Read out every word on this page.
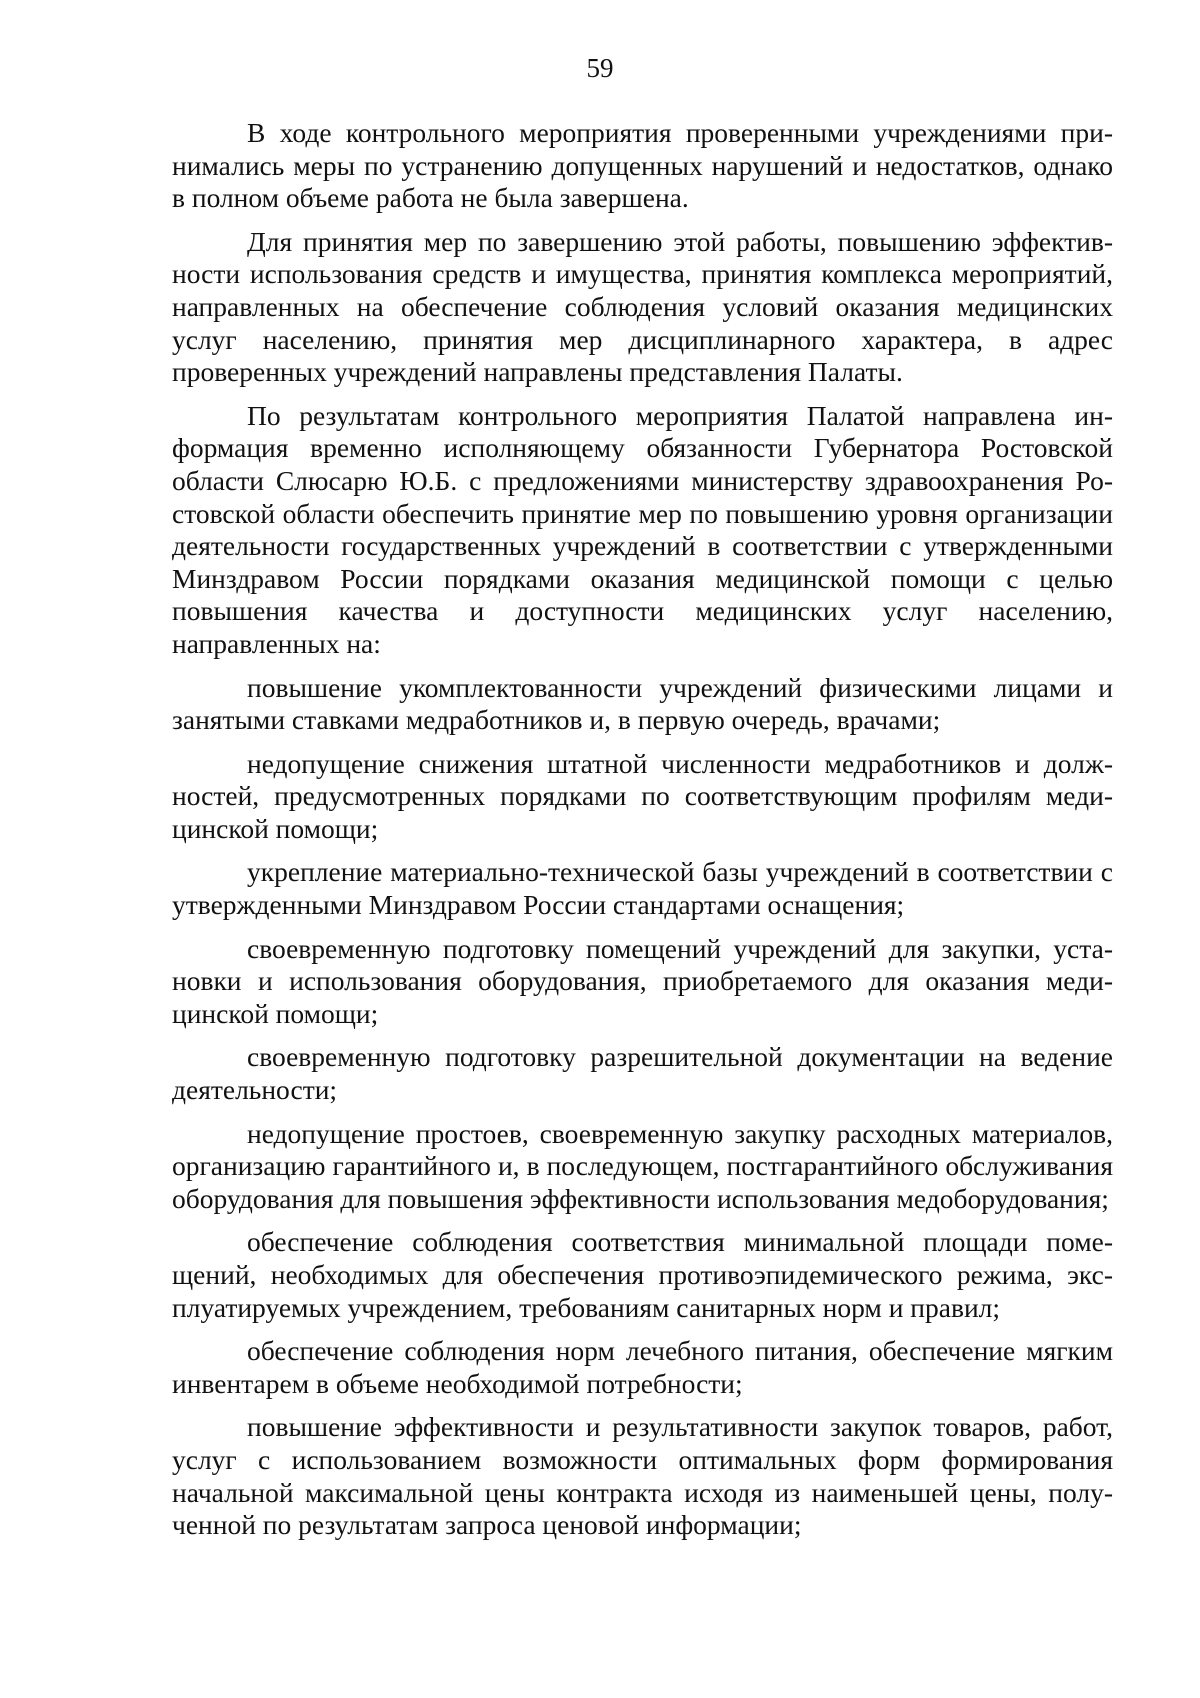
59

В ходе контрольного мероприятия проверенными учреждениями принимались меры по устранению допущенных нарушений и недостатков, однако в полном объеме работа не была завершена.

Для принятия мер по завершению этой работы, повышению эффективности использования средств и имущества, принятия комплекса мероприятий, направленных на обеспечение соблюдения условий оказания медицинских услуг населению, принятия мер дисциплинарного характера, в адрес проверенных учреждений направлены представления Палаты.

По результатам контрольного мероприятия Палатой направлена информация временно исполняющему обязанности Губернатора Ростовской области Слюсарю Ю.Б. с предложениями министерству здравоохранения Ростовской области обеспечить принятие мер по повышению уровня организации деятельности государственных учреждений в соответствии с утвержденными Минздравом России порядками оказания медицинской помощи с целью повышения качества и доступности медицинских услуг населению, направленных на:

повышение укомплектованности учреждений физическими лицами и занятыми ставками медработников и, в первую очередь, врачами;

недопущение снижения штатной численности медработников и должностей, предусмотренных порядками по соответствующим профилям медицинской помощи;

укрепление материально-технической базы учреждений в соответствии с утвержденными Минздравом России стандартами оснащения;

своевременную подготовку помещений учреждений для закупки, установки и использования оборудования, приобретаемого для оказания медицинской помощи;

своевременную подготовку разрешительной документации на ведение деятельности;

недопущение простоев, своевременную закупку расходных материалов, организацию гарантийного и, в последующем, постгарантийного обслуживания оборудования для повышения эффективности использования медоборудования;

обеспечение соблюдения соответствия минимальной площади помещений, необходимых для обеспечения противоэпидемического режима, эксплуатируемых учреждением, требованиям санитарных норм и правил;

обеспечение соблюдения норм лечебного питания, обеспечение мягким инвентарем в объеме необходимой потребности;

повышение эффективности и результативности закупок товаров, работ, услуг с использованием возможности оптимальных форм формирования начальной максимальной цены контракта исходя из наименьшей цены, полученной по результатам запроса ценовой информации;
